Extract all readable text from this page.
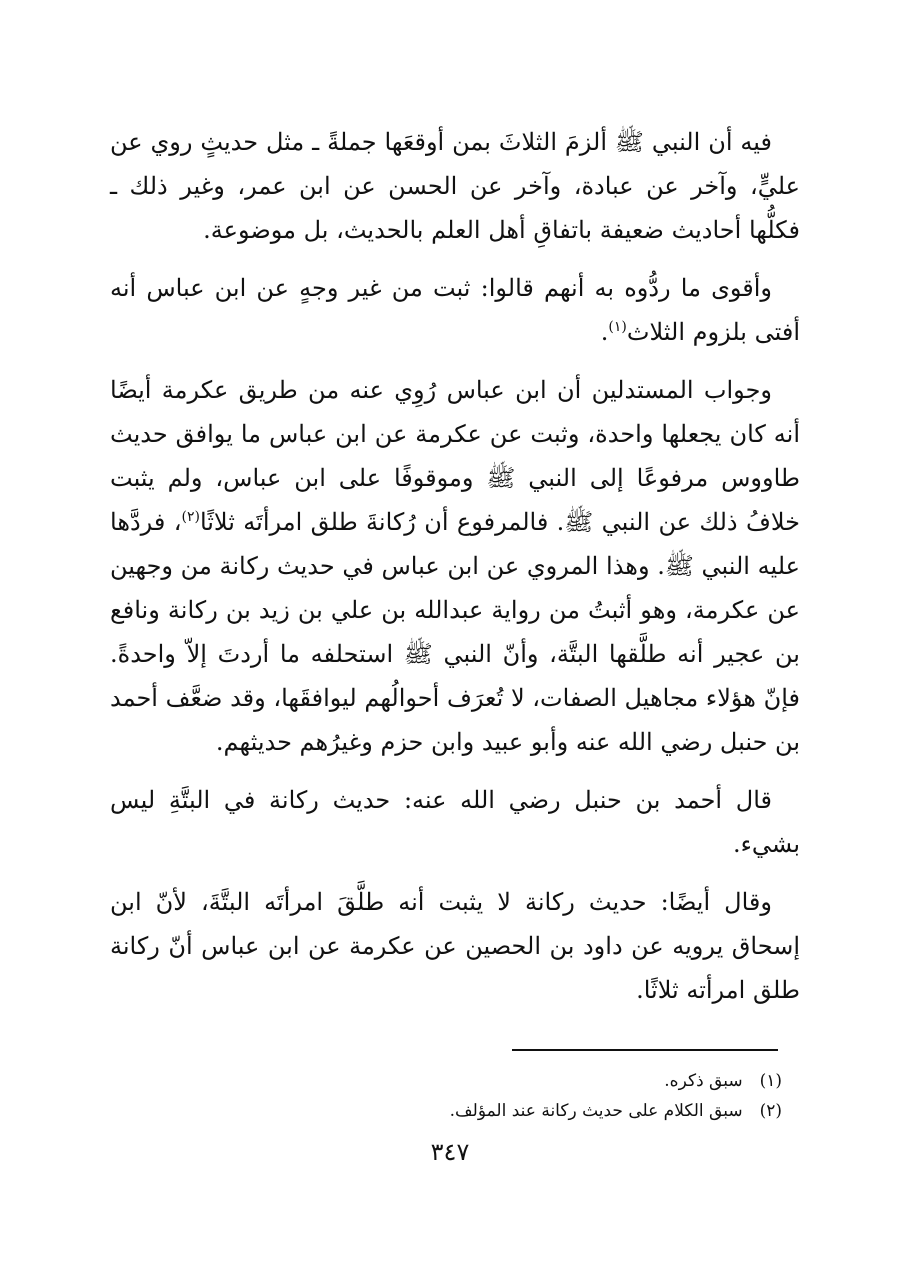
فيه أن النبي ﷺ ألزمَ الثلاثَ بمن أوقعَها جملةً ـ مثل حديثٍ روي عن عليٍّ، وآخر عن عبادة، وآخر عن الحسن عن ابن عمر، وغير ذلك ـ فكلُّها أحاديث ضعيفة باتفاقِ أهل العلم بالحديث، بل موضوعة.

وأقوى ما ردُّوه به أنهم قالوا: ثبت من غير وجهٍ عن ابن عباس أنه أفتى بلزوم الثلاث$^{(١)}$.

وجواب المستدلين أن ابن عباس رُوِي عنه من طريق عكرمة أيضًا أنه كان يجعلها واحدة، وثبت عن عكرمة عن ابن عباس ما يوافق حديث طاووس مرفوعًا إلى النبي ﷺ وموقوفًا على ابن عباس، ولم يثبت خلافُ ذلك عن النبي ﷺ. فالمرفوع أن رُكانةَ طلق امرأتَه ثلاثًا$^{(٢)}$، فردَّها عليه النبي ﷺ. وهذا المروي عن ابن عباس في حديث ركانة من وجهين عن عكرمة، وهو أثبتُ من رواية عبدالله بن علي بن زيد بن ركانة ونافع بن عجير أنه طلَّقها البتَّة، وأنّ النبي ﷺ استحلفه ما أردتَ إلاّ واحدةً. فإنّ هؤلاء مجاهيل الصفات، لا تُعرَف أحوالُهم ليوافقَها، وقد ضعَّف أحمد بن حنبل رضي الله عنه وأبو عبيد وابن حزم وغيرُهم حديثهم.

قال أحمد بن حنبل رضي الله عنه: حديث ركانة في البتَّةِ ليس بشيء.

وقال أيضًا: حديث ركانة لا يثبت أنه طلَّقَ امرأتَه البتَّةَ، لأنّ ابن إسحاق يرويه عن داود بن الحصين عن عكرمة عن ابن عباس أنّ ركانة طلق امرأته ثلاثًا.

(١) سبق ذكره.

(٢) سبق الكلام على حديث ركانة عند المؤلف.

٣٤٧
